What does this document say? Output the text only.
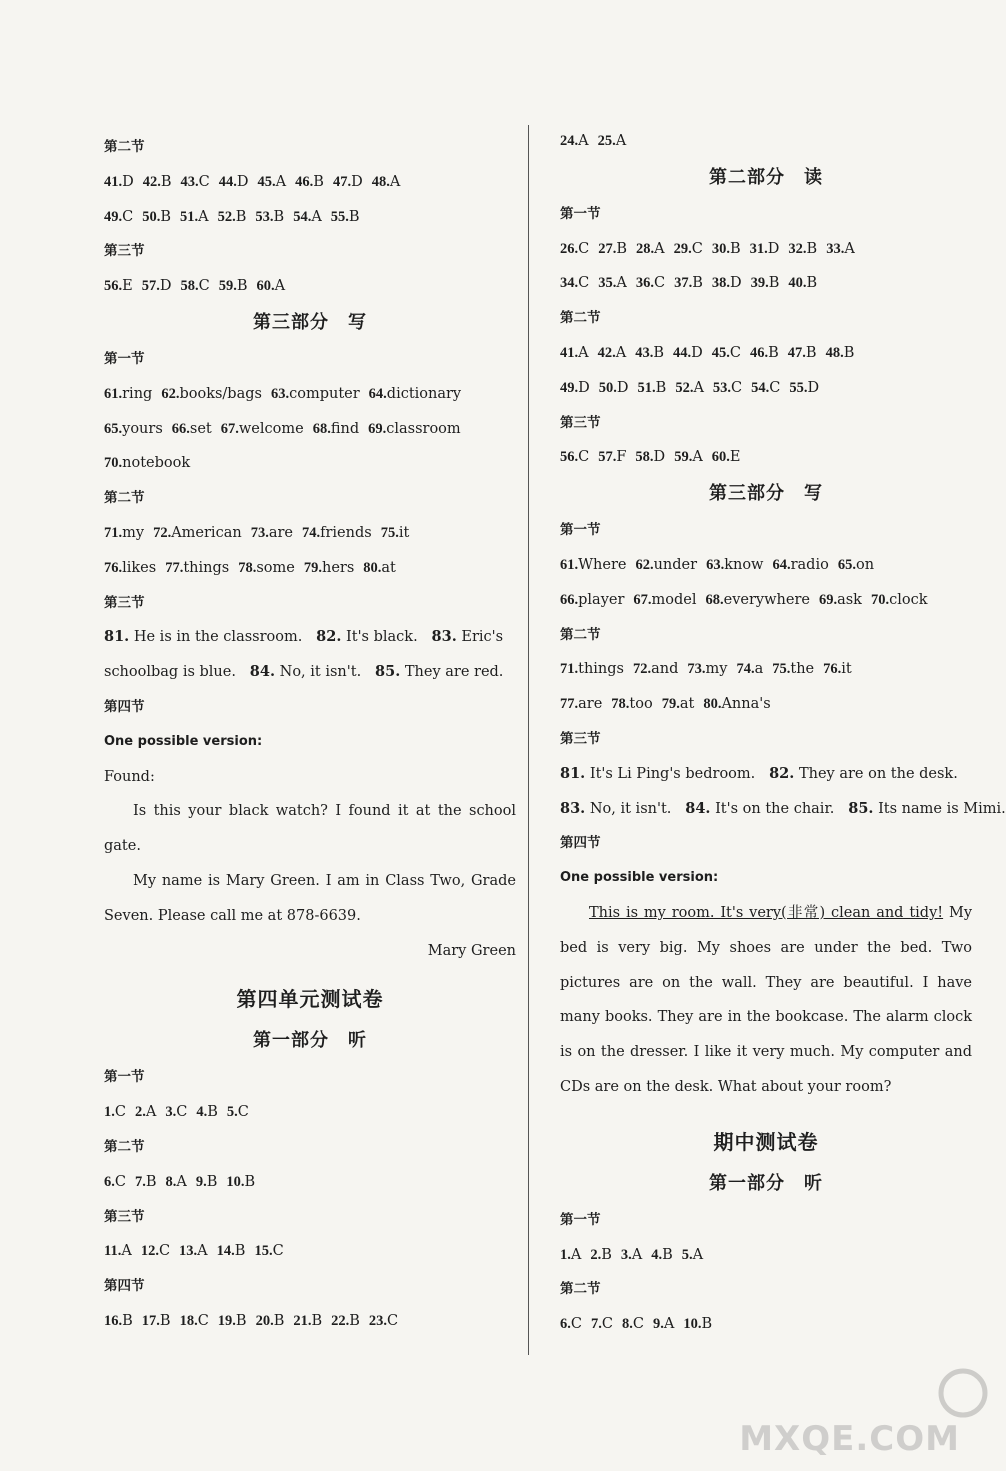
第二节
41.D 42.B 43.C 44.D 45.A 46.B 47.D 48.A
49.C 50.B 51.A 52.B 53.B 54.A 55.B
第三节
56.E 57.D 58.C 59.B 60.A
第三部分　写
第一节
61.ring 62.books/bags 63.computer 64.dictionary
65.yours 66.set 67.welcome 68.find 69.classroom
70.notebook
第二节
71.my 72.American 73.are 74.friends 75.it
76.likes 77.things 78.some 79.hers 80.at
第三节
81. He is in the classroom. 82. It's black. 83. Eric's
schoolbag is blue. 84. No, it isn't. 85. They are red.
第四节
One possible version:
Found:
Is this your black watch? I found it at the school gate.
My name is Mary Green. I am in Class Two, Grade Seven. Please call me at 878-6639.
Mary Green
第四单元测试卷
第一部分　听
第一节
1.C 2.A 3.C 4.B 5.C
第二节
6.C 7.B 8.A 9.B 10.B
第三节
11.A 12.C 13.A 14.B 15.C
第四节
16.B 17.B 18.C 19.B 20.B 21.B 22.B 23.C
24.A 25.A
第二部分　读
第一节
26.C 27.B 28.A 29.C 30.B 31.D 32.B 33.A
34.C 35.A 36.C 37.B 38.D 39.B 40.B
第二节
41.A 42.A 43.B 44.D 45.C 46.B 47.B 48.B
49.D 50.D 51.B 52.A 53.C 54.C 55.D
第三节
56.C 57.F 58.D 59.A 60.E
第三部分　写
第一节
61.Where 62.under 63.know 64.radio 65.on
66.player 67.model 68.everywhere 69.ask 70.clock
第二节
71.things 72.and 73.my 74.a 75.the 76.it
77.are 78.too 79.at 80.Anna's
第三节
81. It's Li Ping's bedroom. 82. They are on the desk.
83. No, it isn't. 84. It's on the chair. 85. Its name is Mimi.
第四节
One possible version:
This is my room. It's very(非常) clean and tidy! My bed is very big. My shoes are under the bed. Two pictures are on the wall. They are beautiful. I have many books. They are in the bookcase. The alarm clock is on the dresser. I like it very much. My computer and CDs are on the desk. What about your room?
期中测试卷
第一部分　听
第一节
1.A 2.B 3.A 4.B 5.A
第二节
6.C 7.C 8.C 9.A 10.B
MXQE.COM
